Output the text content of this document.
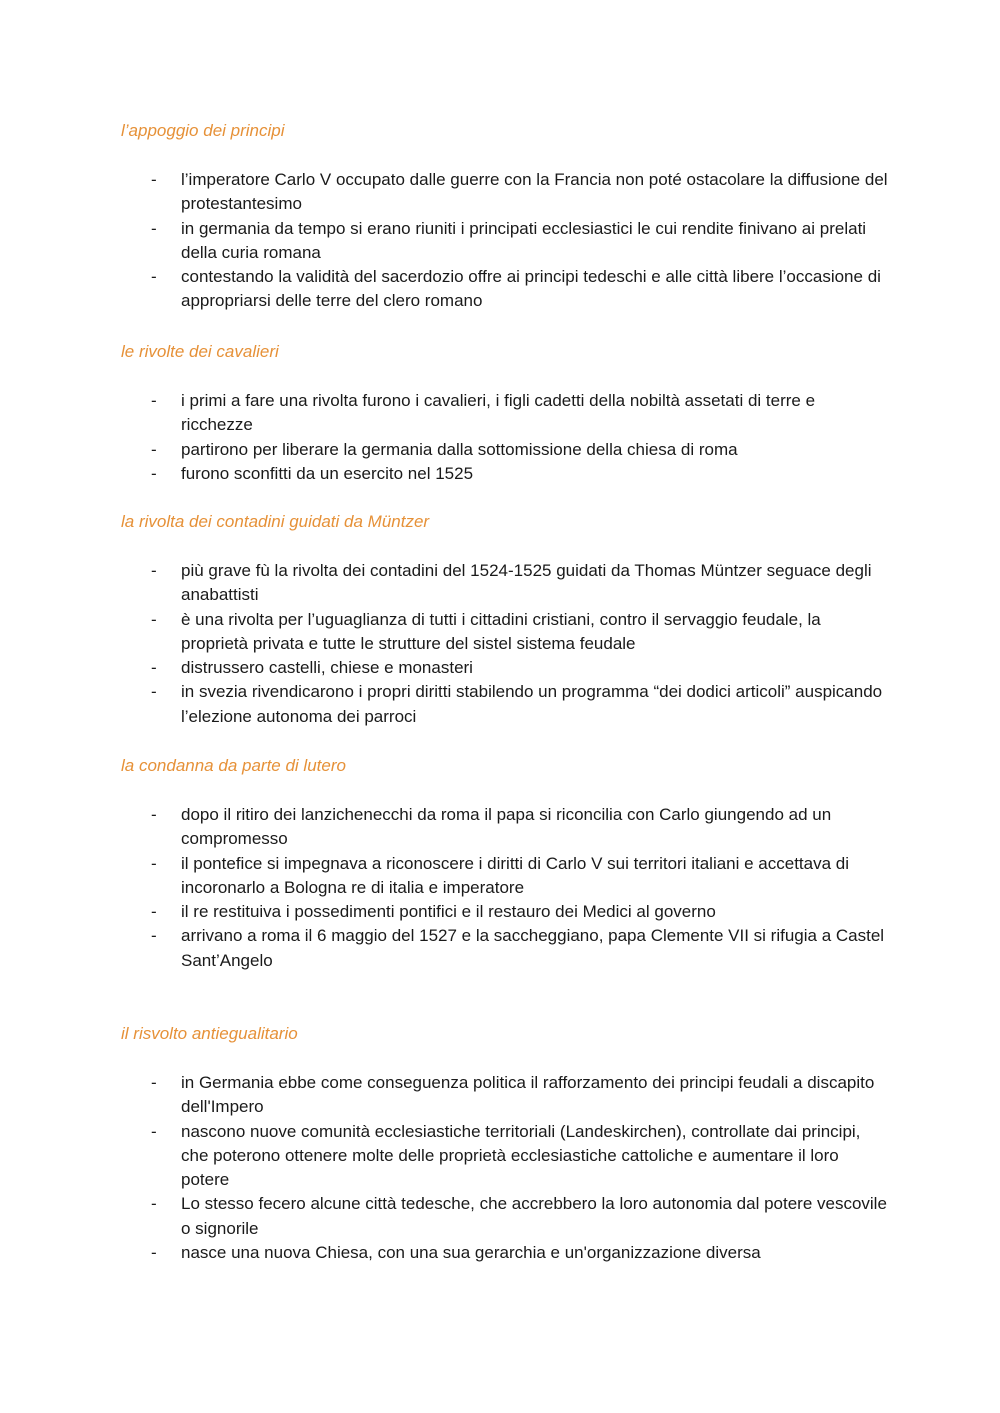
l’appoggio dei principi

- l’imperatore Carlo V occupato dalle guerre con la Francia non poté ostacolare la diffusione del protestantesimo
- in germania da tempo si erano riuniti i principati ecclesiastici le cui rendite finivano ai prelati della curia romana
- contestando la validità del sacerdozio offre ai principi tedeschi e alle città libere l’occasione di appropriarsi delle terre del clero romano

le rivolte dei cavalieri

- i primi a fare una rivolta furono i cavalieri, i figli cadetti della nobiltà assetati di terre e ricchezze
- partirono per liberare la germania dalla sottomissione della chiesa di roma
- furono sconfitti da un esercito nel 1525

la rivolta dei contadini guidati da Müntzer

- più grave fù la rivolta dei contadini del 1524-1525 guidati da Thomas Müntzer seguace degli anabattisti
- è una rivolta per l’uguaglianza di tutti i cittadini cristiani, contro il servaggio feudale, la proprietà privata e tutte le strutture del sistel sistema feudale
- distrussero castelli, chiese e monasteri
- in svezia rivendicarono i propri diritti stabilendo un programma “dei dodici articoli” auspicando l’elezione autonoma dei parroci

la condanna da parte di lutero

- dopo il ritiro dei lanzichenecchi da roma il papa si riconcilia con Carlo giungendo ad un compromesso
- il pontefice si impegnava a riconoscere i diritti di Carlo V sui territori italiani e accettava di incoronarlo a Bologna re di italia e imperatore
- il re restituiva i possedimenti pontifici e il restauro dei Medici al governo
- arrivano a roma il 6 maggio del 1527 e la saccheggiano, papa Clemente VII si rifugia a Castel Sant’Angelo

il risvolto antiegualitario

- in Germania ebbe come conseguenza politica il rafforzamento dei principi feudali a discapito dell'Impero
- nascono nuove comunità ecclesiastiche territoriali (Landeskirchen), controllate dai principi, che poterono ottenere molte delle proprietà ecclesiastiche cattoliche e aumentare il loro potere
- Lo stesso fecero alcune città tedesche, che accrebbero la loro autonomia dal potere vescovile o signorile
- nasce una nuova Chiesa, con una sua gerarchia e un'organizzazione diversa
